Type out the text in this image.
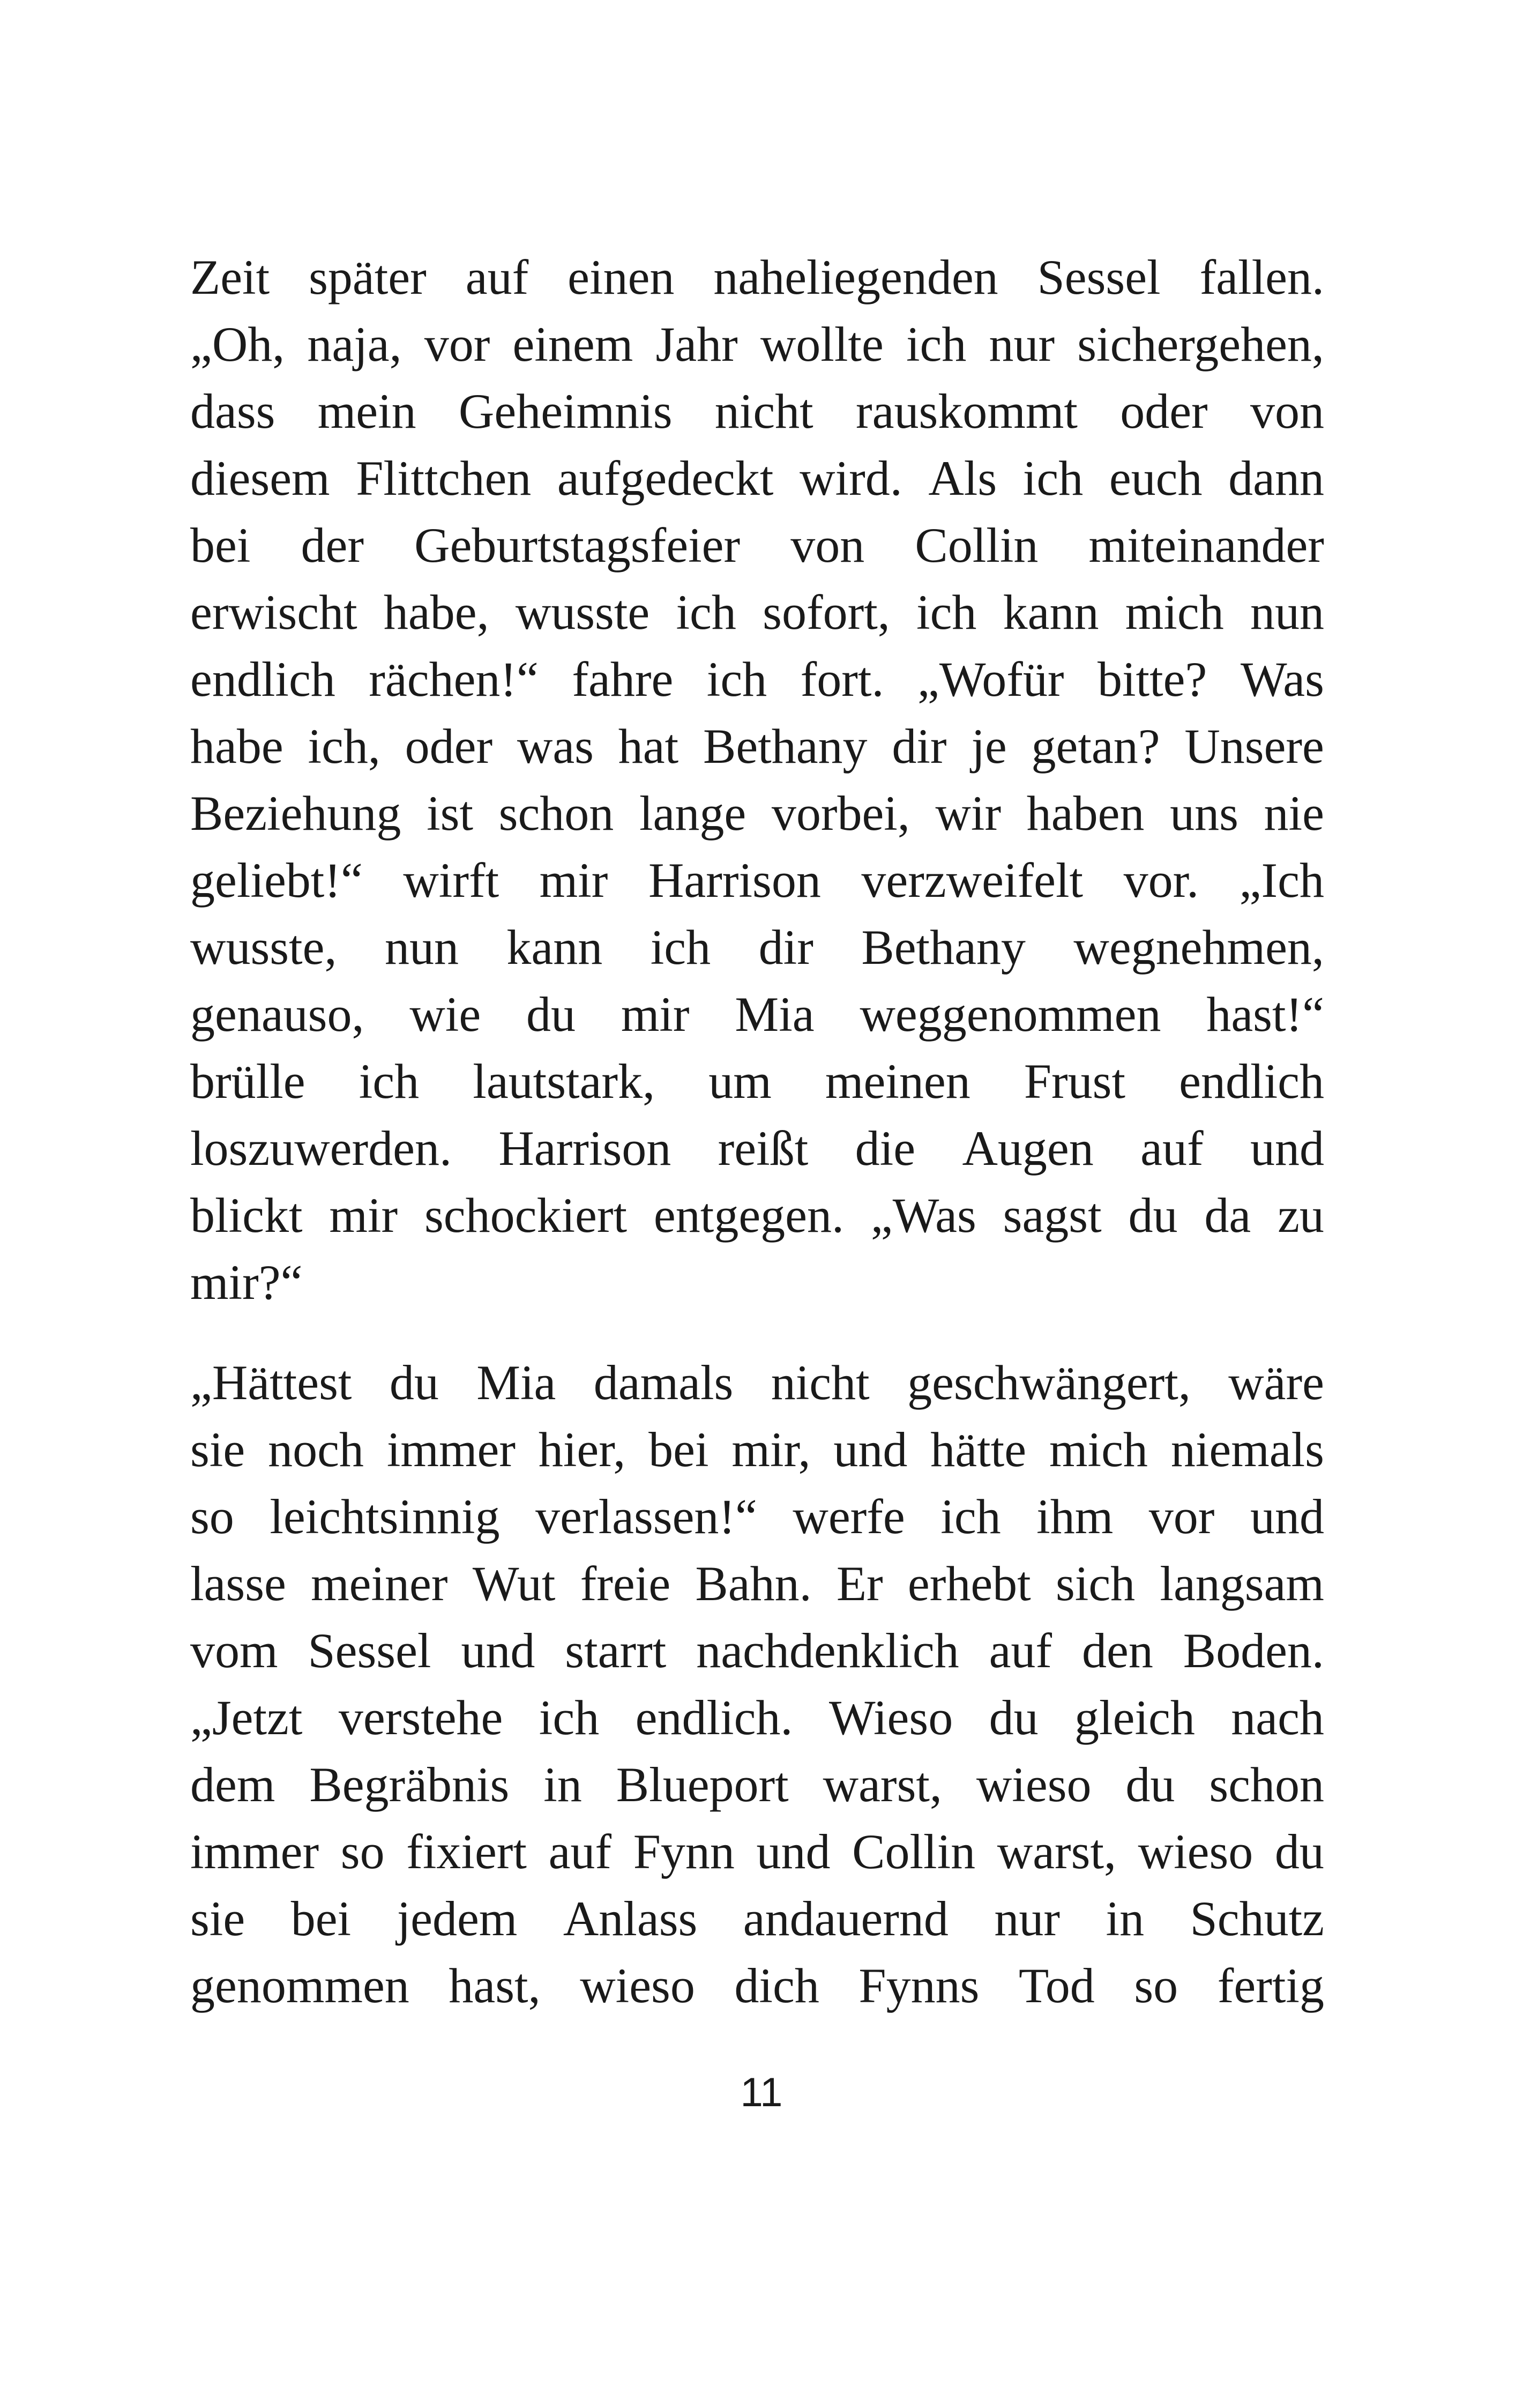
Zeit später auf einen naheliegenden Sessel fallen.
„Oh, naja, vor einem Jahr wollte ich nur sichergehen,
dass mein Geheimnis nicht rauskommt oder von
diesem Flittchen aufgedeckt wird. Als ich euch dann
bei der Geburtstagsfeier von Collin miteinander
erwischt habe, wusste ich sofort, ich kann mich nun
endlich rächen!“ fahre ich fort. „Wofür bitte? Was
habe ich, oder was hat Bethany dir je getan? Unsere
Beziehung ist schon lange vorbei, wir haben uns nie
geliebt!“ wirft mir Harrison verzweifelt vor. „Ich
wusste, nun kann ich dir Bethany wegnehmen,
genauso, wie du mir Mia weggenommen hast!“
brülle ich lautstark, um meinen Frust endlich
loszuwerden. Harrison reißt die Augen auf und
blickt mir schockiert entgegen. „Was sagst du da zu
mir?“
„Hättest du Mia damals nicht geschwängert, wäre
sie noch immer hier, bei mir, und hätte mich niemals
so leichtsinnig verlassen!“ werfe ich ihm vor und
lasse meiner Wut freie Bahn. Er erhebt sich langsam
vom Sessel und starrt nachdenklich auf den Boden.
„Jetzt verstehe ich endlich. Wieso du gleich nach
dem Begräbnis in Blueport warst, wieso du schon
immer so fixiert auf Fynn und Collin warst, wieso du
sie bei jedem Anlass andauernd nur in Schutz
genommen hast, wieso dich Fynns Tod so fertig
11
